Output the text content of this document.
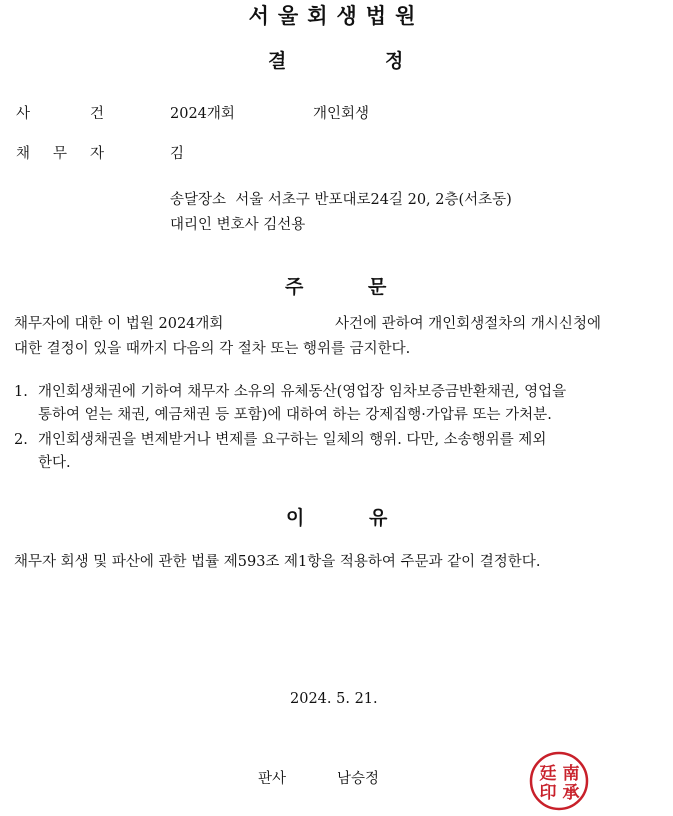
서울회생법원
결	정
사	건	2024개회	개인회생
채 무 자	김
송달장소  서울 서초구 반포대로24길 20, 2층(서초동)
대리인 변호사 김선용
주	문
채무자에 대한 이 법원 2024개회	사건에 관하여 개인회생절차의 개시신청에
대한 결정이 있을 때까지 다음의 각 절차 또는 행위를 금지한다.
1. 개인회생채권에 기하여 채무자 소유의 유체동산(영업장 임차보증금반환채권, 영업을
통하여 얻는 채권, 예금채권 등 포함)에 대하여 하는 강제집행·가압류 또는 가처분.
2. 개인회생채권을 변제받거나 변제를 요구하는 일체의 행위. 다만, 소송행위를 제외
한다.
이	유
채무자 회생 및 파산에 관한 법률 제593조 제1항을 적용하여 주문과 같이 결정한다.
2024. 5. 21.
판사	남승정	南
承
廷
印
